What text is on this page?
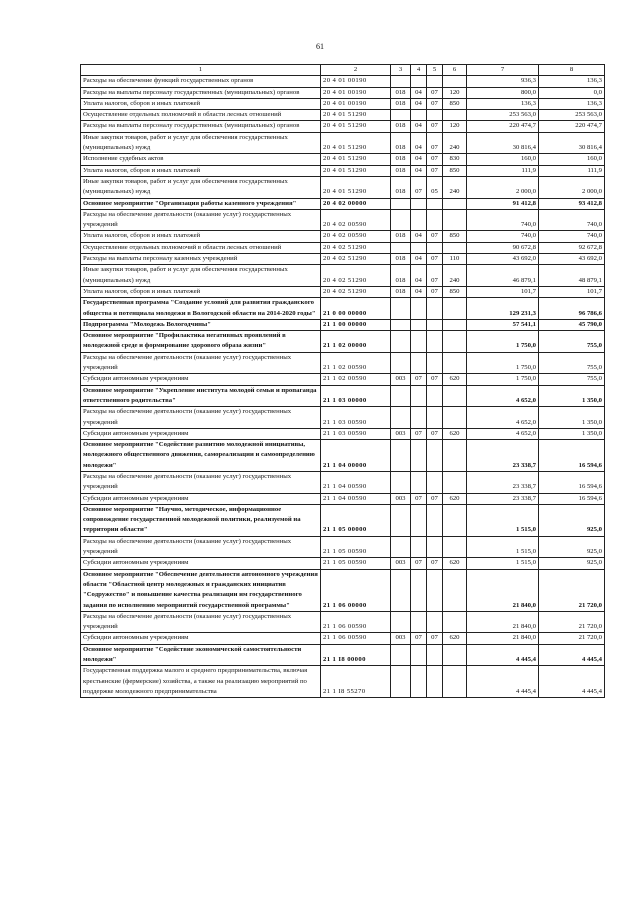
61
1	2	3	4	5	6	7	8
Расходы на обеспечение функций государственных органов	20 4 01 00190					936,3	136,3
Расходы на выплаты персоналу государственных (муниципальных) органов	20 4 01 00190	018	04	07	120	800,0	0,0
Уплата налогов, сборов и иных платежей	20 4 01 00190	018	04	07	850	136,3	136,3
Осуществление отдельных полномочий в области лесных отношений	20 4 01 51290					253 563,0	253 563,0
Расходы на выплаты персоналу государственных (муниципальных) органов	20 4 01 51290	018	04	07	120	220 474,7	220 474,7
Иные закупки товаров, работ и услуг для обеспечения государственных (муниципальных) нужд	20 4 01 51290	018	04	07	240	30 816,4	30 816,4
Исполнение судебных актов	20 4 01 51290	018	04	07	830	160,0	160,0
Уплата налогов, сборов и иных платежей	20 4 01 51290	018	04	07	850	111,9	111,9
Иные закупки товаров, работ и услуг для обеспечения государственных (муниципальных) нужд	20 4 01 51290	018	07	05	240	2 000,0	2 000,0
Основное мероприятие "Организация работы казенного учреждения"	20 4 02 00000					91 412,8	93 412,8
Расходы на обеспечение деятельности (оказание услуг) государственных учреждений	20 4 02 00590					740,0	740,0
Уплата налогов, сборов и иных платежей	20 4 02 00590	018	04	07	850	740,0	740,0
Осуществление отдельных полномочий в области лесных отношений	20 4 02 51290					90 672,8	92 672,8
Расходы на выплаты персоналу казенных учреждений	20 4 02 51290	018	04	07	110	43 692,0	43 692,0
Иные закупки товаров, работ и услуг для обеспечения государственных (муниципальных) нужд	20 4 02 51290	018	04	07	240	46 879,1	48 879,1
Уплата налогов, сборов и иных платежей	20 4 02 51290	018	04	07	850	101,7	101,7
Государственная программа "Создание условий для развития гражданского общества и потенциала молодежи в Вологодской области на 2014-2020 годы"	21 0 00 00000					129 231,3	96 786,6
Подпрограмма "Молодежь Вологодчины"	21 1 00 00000					57 541,1	45 790,0
Основное мероприятие "Профилактика негативных проявлений в молодежной среде и формирование здорового образа жизни"	21 1 02 00000					1 750,0	755,0
Расходы на обеспечение деятельности (оказание услуг) государственных учреждений	21 1 02 00590					1 750,0	755,0
Субсидии автономным учреждениям	21 1 02 00590	003	07	07	620	1 750,0	755,0
Основное мероприятие "Укрепление института молодой семьи и пропаганда ответственного родительства"	21 1 03 00000					4 652,0	1 350,0
Расходы на обеспечение деятельности (оказание услуг) государственных учреждений	21 1 03 00590					4 652,0	1 350,0
Субсидии автономным учреждениям	21 1 03 00590	003	07	07	620	4 652,0	1 350,0
Основное мероприятие "Содействие развитию молодежной инициативы, молодежного общественного движения, самореализации и самоопределению молодежи"	21 1 04 00000					23 338,7	16 594,6
Расходы на обеспечение деятельности (оказание услуг) государственных учреждений	21 1 04 00590					23 338,7	16 594,6
Субсидии автономным учреждениям	21 1 04 00590	003	07	07	620	23 338,7	16 594,6
Основное мероприятие "Научно, методическое, информационное сопровождение государственной молодежной политики, реализуемой на территории области"	21 1 05 00000					1 515,0	925,0
Расходы на обеспечение деятельности (оказание услуг) государственных учреждений	21 1 05 00590					1 515,0	925,0
Субсидии автономным учреждениям	21 1 05 00590	003	07	07	620	1 515,0	925,0
Основное мероприятие "Обеспечение деятельности автономного учреждения области "Областной центр молодежных и гражданских инициатив "Содружество" и повышение качества реализации им государственного задания по исполнению мероприятий государственной программы"	21 1 06 00000					21 840,0	21 720,0
Расходы на обеспечение деятельности (оказание услуг) государственных учреждений	21 1 06 00590					21 840,0	21 720,0
Субсидии автономным учреждениям	21 1 06 00590	003	07	07	620	21 840,0	21 720,0
Основное мероприятие "Содействие экономической самостоятельности молодежи"	21 1 I8 00000					4 445,4	4 445,4
Государственная поддержка малого и среднего предпринимательства, включая крестьянские (фермерские) хозяйства, а также на реализацию мероприятий по поддержке молодежного предпринимательства	21 1 I8 55270					4 445,4	4 445,4
